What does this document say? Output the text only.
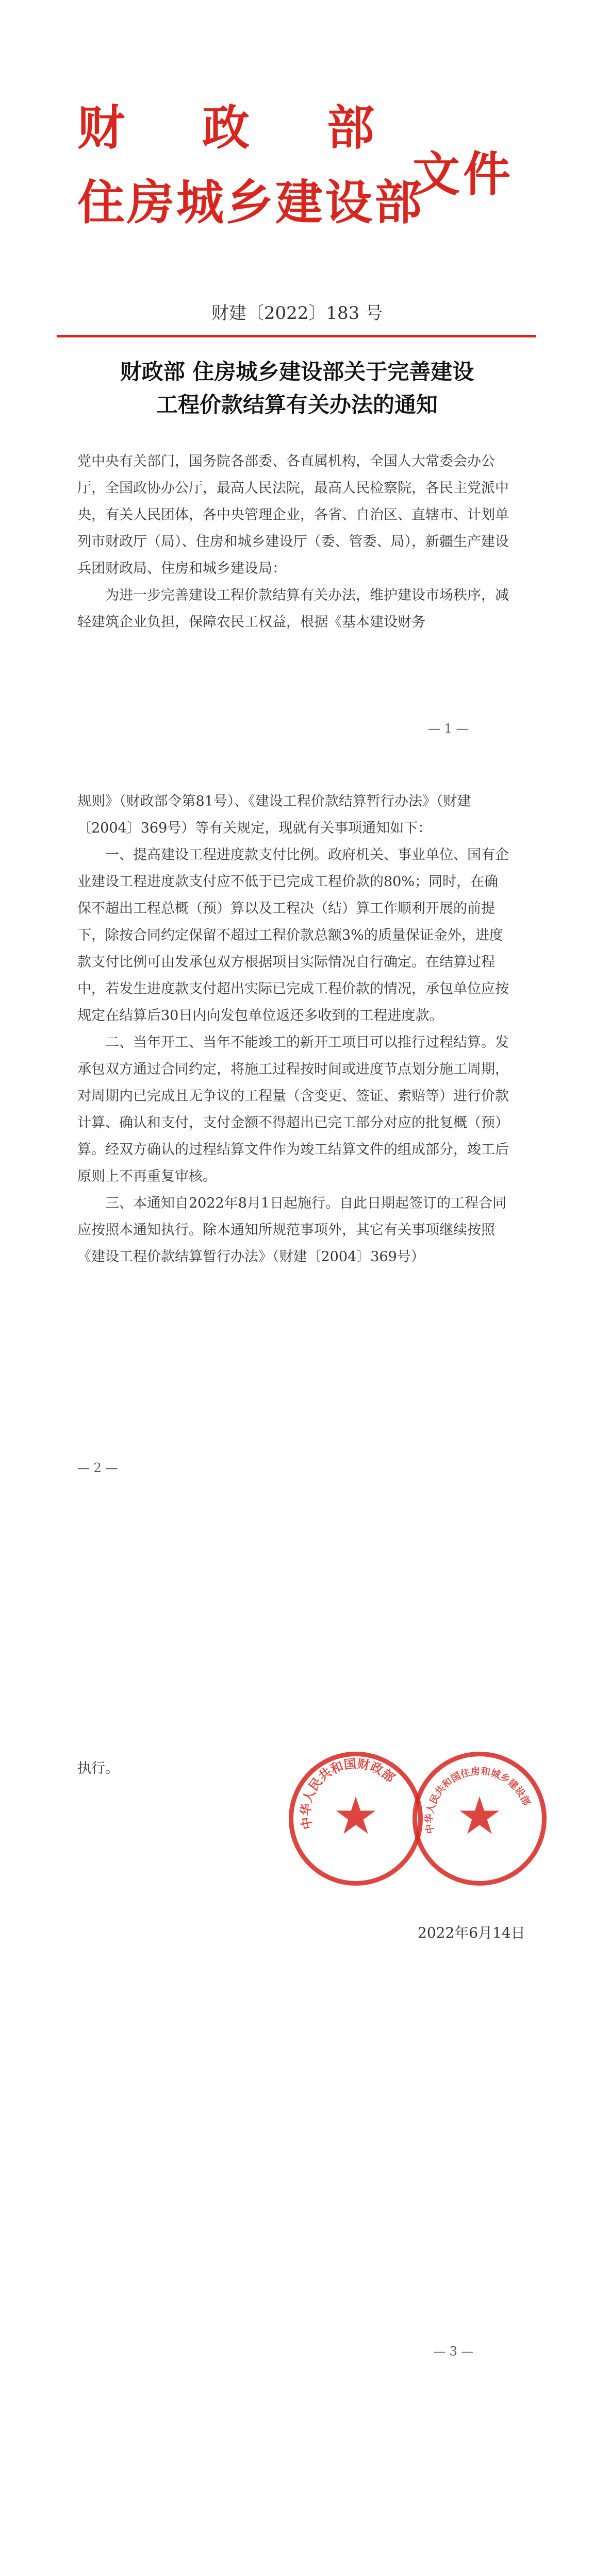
财政部
住房城乡建设部
文件
财建〔2022〕183 号
财政部 住房城乡建设部关于完善建设
工程价款结算有关办法的通知

党中央有关部门，国务院各部委、各直属机构，全国人大常委会办公厅，全国政协办公厅，最高人民法院，最高人民检察院，各民主党派中央，有关人民团体，各中央管理企业，各省、自治区、直辖市、计划单列市财政厅（局）、住房和城乡建设厅（委、管委、局），新疆生产建设兵团财政局、住房和城乡建设局：

为进一步完善建设工程价款结算有关办法，维护建设市场秩序，减轻建筑企业负担，保障农民工权益，根据《基本建设财务

— 1 —

规则》（财政部令第81号）、《建设工程价款结算暂行办法》（财建〔2004〕369号）等有关规定，现就有关事项通知如下：

一、提高建设工程进度款支付比例。政府机关、事业单位、国有企业建设工程进度款支付应不低于已完成工程价款的80%；同时，在确保不超出工程总概（预）算以及工程决（结）算工作顺利开展的前提下，除按合同约定保留不超过工程价款总额3%的质量保证金外，进度款支付比例可由发承包双方根据项目实际情况自行确定。在结算过程中，若发生进度款支付超出实际已完成工程价款的情况，承包单位应按规定在结算后30日内向发包单位返还多收到的工程进度款。

二、当年开工、当年不能竣工的新开工项目可以推行过程结算。发承包双方通过合同约定，将施工过程按时间或进度节点划分施工周期，对周期内已完成且无争议的工程量（含变更、签证、索赔等）进行价款计算、确认和支付，支付金额不得超出已完工部分对应的批复概（预）算。经双方确认的过程结算文件作为竣工结算文件的组成部分，竣工后原则上不再重复审核。

三、本通知自2022年8月1日起施行。自此日期起签订的工程合同应按照本通知执行。除本通知所规范事项外，其它有关事项继续按照《建设工程价款结算暂行办法》（财建〔2004〕369号）

— 2 —
执行。
中华人民共和国财政部
★	中华人民共和国住房和城乡建设部
★
2022年6月14日
— 3 —
